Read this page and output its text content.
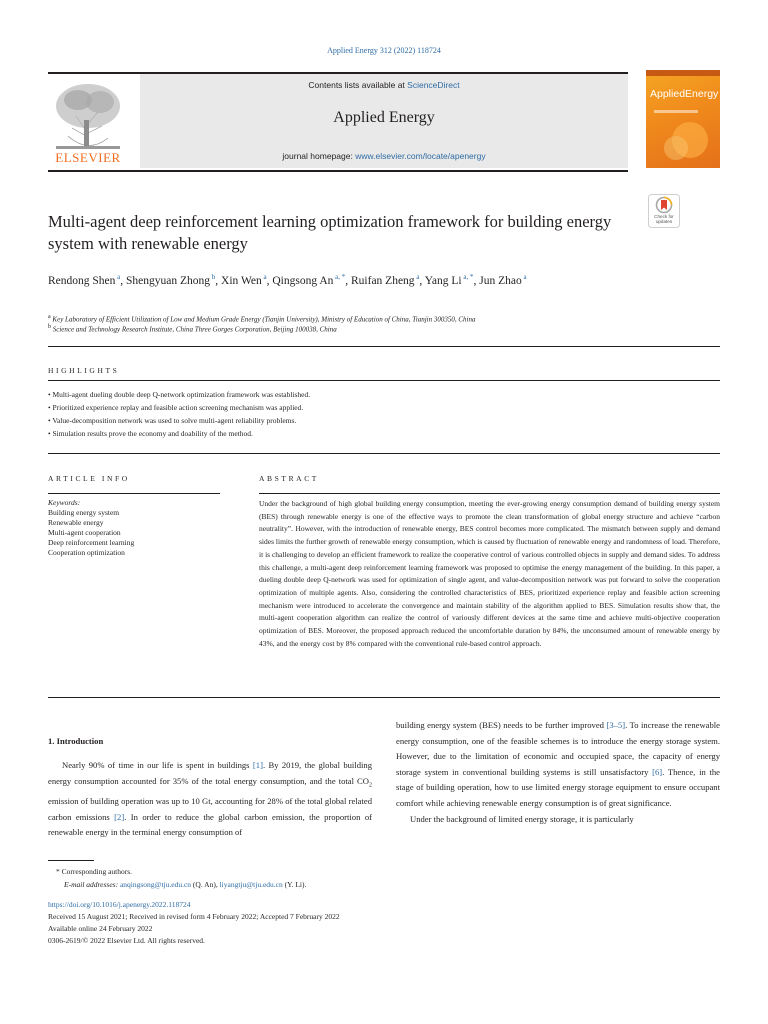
Applied Energy 312 (2022) 118724
ELSEVIER
Contents lists available at ScienceDirect
Applied Energy
journal homepage: www.elsevier.com/locate/apenergy
AppliedEnergy
Check for updates
Multi-agent deep reinforcement learning optimization framework for building energy system with renewable energy
Rendong Shen $^a$, Shengyuan Zhong $^b$, Xin Wen $^a$, Qingsong An $^{a, *}$, Ruifan Zheng $^a$, Yang Li $^{a, *}$, Jun Zhao $^a$
$^a$ Key Laboratory of Efficient Utilization of Low and Medium Grade Energy (Tianjin University), Ministry of Education of China, Tianjin 300350, China
$^b$ Science and Technology Research Institute, China Three Gorges Corporation, Beijing 100038, China
HIGHLIGHTS
• Multi-agent dueling double deep Q-network optimization framework was established.
• Prioritized experience replay and feasible action screening mechanism was applied.
• Value-decomposition network was used to solve multi-agent reliability problems.
• Simulation results prove the economy and doability of the method.
ARTICLE INFO	ABSTRACT
Keywords:
Building energy system
Renewable energy
Multi-agent cooperation
Deep reinforcement learning
Cooperation optimization
Under the background of high global building energy consumption, meeting the ever-growing energy consumption demand of building energy system (BES) through renewable energy is one of the effective ways to promote the clean transformation of global energy structure and achieve “carbon neutrality”. However, with the introduction of renewable energy, BES control becomes more complicated. The mismatch between supply and demand sides limits the further growth of renewable energy consumption, which is caused by fluctuation of renewable energy and randomness of load. Therefore, it is challenging to develop an efficient framework to realize the cooperative control of various controlled objects in supply and demand sides. To address this challenge, a multi-agent deep reinforcement learning framework was proposed to optimise the energy management of the building. In this paper, a dueling double deep Q-network was used for optimization of single agent, and value-decomposition network was put forward to solve the cooperation optimization of multiple agents. Also, considering the controlled characteristics of BES, prioritized experience replay and feasible action screening mechanism were introduced to accelerate the convergence and maintain stability of the algorithm applied to BES. Simulation results show that, the multi-agent cooperation algorithm can realize the control of variously different devices at the same time and achieve multi-objective cooperation optimization of BES. Moreover, the proposed approach reduced the uncomfortable duration by 84%, the unconsumed amount of renewable energy by 43%, and the energy cost by 8% compared with the conventional rule-based control approach.
1. Introduction
Nearly 90% of time in our life is spent in buildings [1]. By 2019, the global building energy consumption accounted for 35% of the total energy consumption, and the total $CO_2$ emission of building operation was up to 10 Gt, accounting for 28% of the total global related carbon emissions [2]. In order to reduce the global carbon emission, the proportion of renewable energy in the terminal energy consumption of
building energy system (BES) needs to be further improved [3–5]. To increase the renewable energy consumption, one of the feasible schemes is to introduce the energy storage system. However, due to the limitation of economic and occupied space, the capacity of energy storage system in conventional building systems is still unsatisfactory [6]. Thence, in the stage of building operation, how to use limited energy storage equipment to ensure occupant comfort while achieving renewable energy consumption is of great significance.
Under the background of limited energy storage, it is particularly
* Corresponding authors.
E-mail addresses: anqingsong@tju.edu.cn (Q. An), liyangtju@tju.edu.cn (Y. Li).
https://doi.org/10.1016/j.apenergy.2022.118724
Received 15 August 2021; Received in revised form 4 February 2022; Accepted 7 February 2022
Available online 24 February 2022
0306-2619/© 2022 Elsevier Ltd. All rights reserved.
